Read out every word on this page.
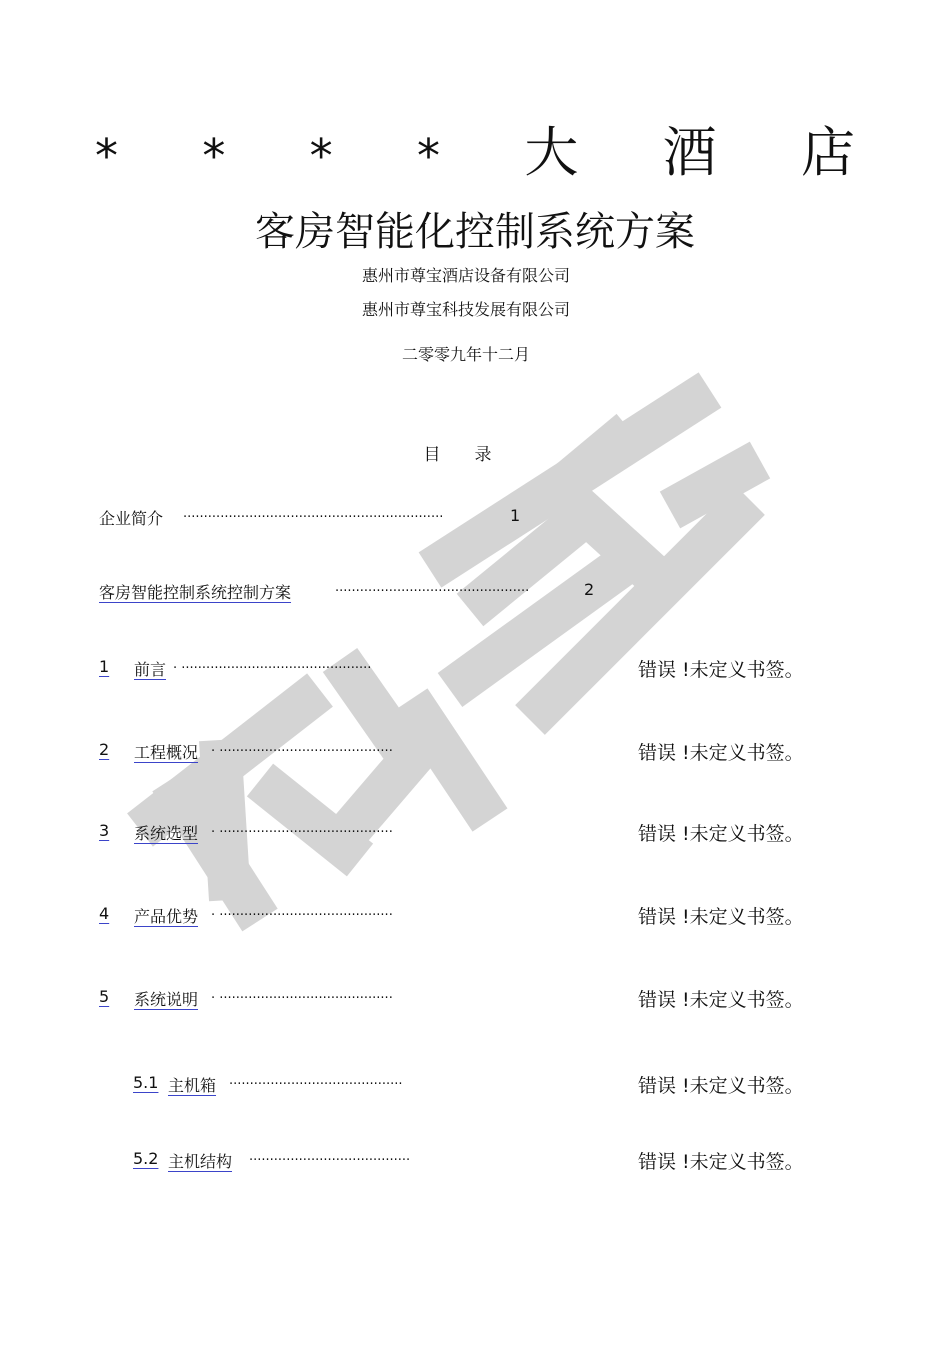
* * * * 大 酒 店
客房智能化控制系统方案
惠州市尊宝酒店设备有限公司
惠州市尊宝科技发展有限公司
二零零九年十二月
目录
企业简介 ...............................................................	1
客房智能控制系统控制方案	...............................................	2
1 前言 . ..............................................	错误 !未定义书签。
2 工程概况 . ..........................................	错误 !未定义书签。
3 系统选型 . ..........................................	错误 !未定义书签。
4 产品优势 . ..........................................	错误 !未定义书签。
5 系统说明 . ..........................................	错误 !未定义书签。
5.1 主机箱 ..........................................	错误 !未定义书签。
5.2 主机结构 .......................................	错误 !未定义书签。
